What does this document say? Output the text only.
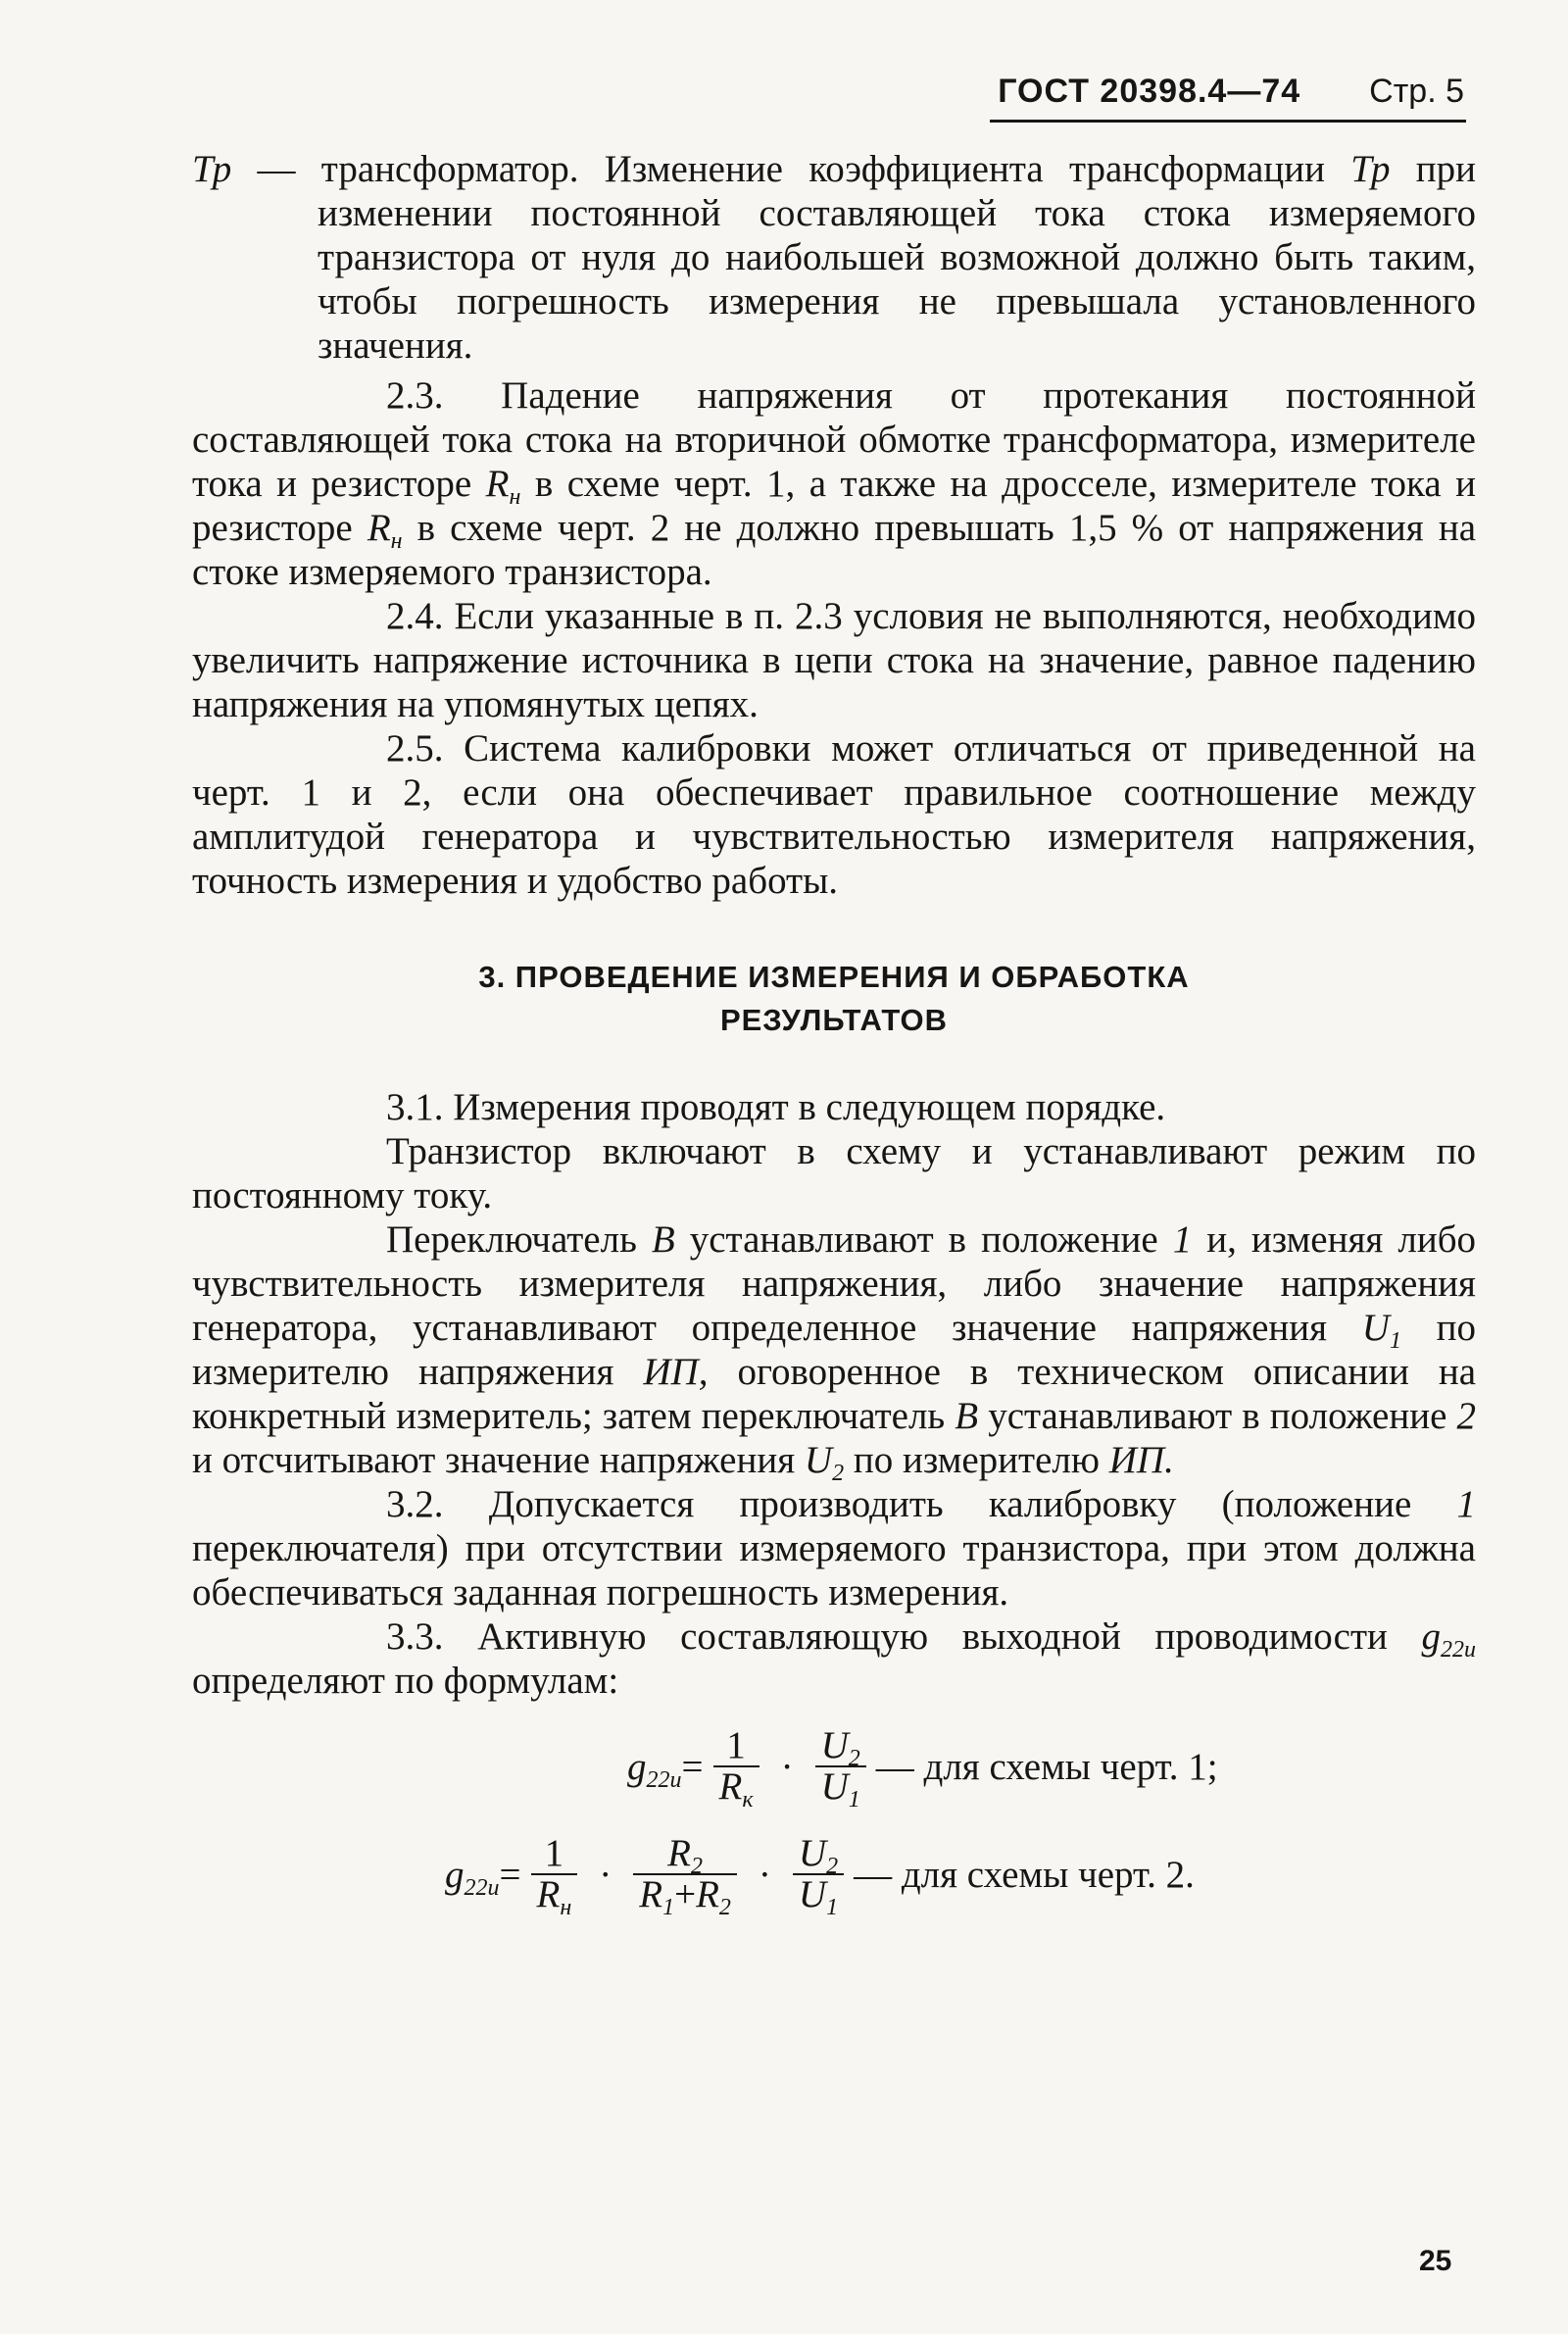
ГОСТ 20398.4—74 Стр. 5

Тр — трансформатор. Изменение коэффициента трансформации Тр при изменении постоянной составляющей тока стока измеряемого транзистора от нуля до наибольшей возможной должно быть таким, чтобы погрешность измерения не превышала установленного значения.

2.3. Падение напряжения от протекания постоянной составляющей тока стока на вторичной обмотке трансформатора, измерителе тока и резисторе $R_н$ в схеме черт. 1, а также на дросселе, измерителе тока и резисторе $R_н$ в схеме черт. 2 не должно превышать 1,5 % от напряжения на стоке измеряемого транзистора.

2.4. Если указанные в п. 2.3 условия не выполняются, необходимо увеличить напряжение источника в цепи стока на значение, равное падению напряжения на упомянутых цепях.

2.5. Система калибровки может отличаться от приведенной на черт. 1 и 2, если она обеспечивает правильное соотношение между амплитудой генератора и чувствительностью измерителя напряжения, точность измерения и удобство работы.

3. ПРОВЕДЕНИЕ ИЗМЕРЕНИЯ И ОБРАБОТКА
РЕЗУЛЬТАТОВ

3.1. Измерения проводят в следующем порядке.

Транзистор включают в схему и устанавливают режим по постоянному току.

Переключатель В устанавливают в положение 1 и, изменяя либо чувствительность измерителя напряжения, либо значение напряжения генератора, устанавливают определенное значение напряжения $U_1$ по измерителю напряжения ИП, оговоренное в техническом описании на конкретный измеритель; затем переключатель В устанавливают в положение 2 и отсчитывают значение напряжения $U_2$ по измерителю ИП.

3.2. Допускается производить калибровку (положение 1 переключателя) при отсутствии измеряемого транзистора, при этом должна обеспечиваться заданная погрешность измерения.

3.3. Активную составляющую выходной проводимости $g_{22и}$ определяют по формулам:

$g_{22и} = \frac{1}{R_к} \cdot \frac{U_2}{U_1}$ — для схемы черт. 1;
$g_{22и} = \frac{1}{R_н} \cdot \frac{R_2}{R_1+R_2} \cdot \frac{U_2}{U_1}$ — для схемы черт. 2.
25
